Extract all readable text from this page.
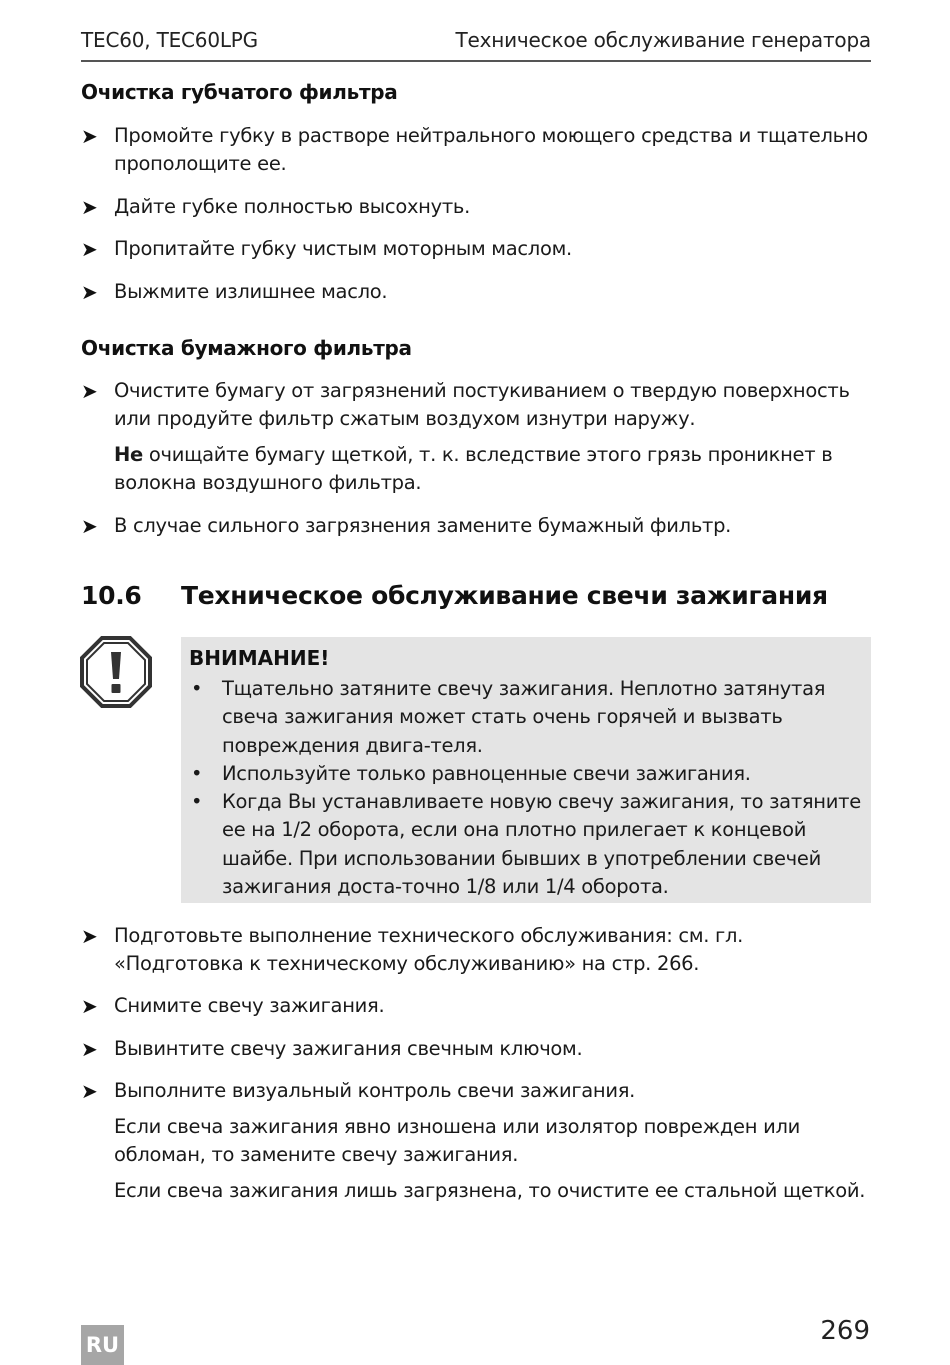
TEC60, TEC60LPG	Техническое обслуживание генератора
Очистка губчатого фильтра
➤ Промойте губку в растворе нейтрального моющего средства и тщательно прополощите ее.
➤ Дайте губке полностью высохнуть.
➤ Пропитайте губку чистым моторным маслом.
➤ Выжмите излишнее масло.
Очистка бумажного фильтра
➤ Очистите бумагу от загрязнений постукиванием о твердую поверхность или продуйте фильтр сжатым воздухом изнутри наружу.
Не очищайте бумагу щеткой, т. к. вследствие этого грязь проникнет в волокна воздушного фильтра.
➤ В случае сильного загрязнения замените бумажный фильтр.
10.6	Техническое обслуживание свечи зажигания
ВНИМАНИЕ!
•	Тщательно затяните свечу зажигания. Неплотно затянутая свеча зажигания может стать очень горячей и вызвать повреждения двига-теля.
•	Используйте только равноценные свечи зажигания.
•	Когда Вы устанавливаете новую свечу зажигания, то затяните ее на 1/2 оборота, если она плотно прилегает к концевой шайбе. При использовании бывших в употреблении свечей зажигания доста-точно 1/8 или 1/4 оборота.
➤ Подготовьте выполнение технического обслуживания: см. гл. «Подготовка к техническому обслуживанию» на стр. 266.
➤ Снимите свечу зажигания.
➤ Вывинтите свечу зажигания свечным ключом.
➤ Выполните визуальный контроль свечи зажигания.
Если свеча зажигания явно изношена или изолятор поврежден или обломан, то замените свечу зажигания.
Если свеча зажигания лишь загрязнена, то очистите ее стальной щеткой.
RU	269
